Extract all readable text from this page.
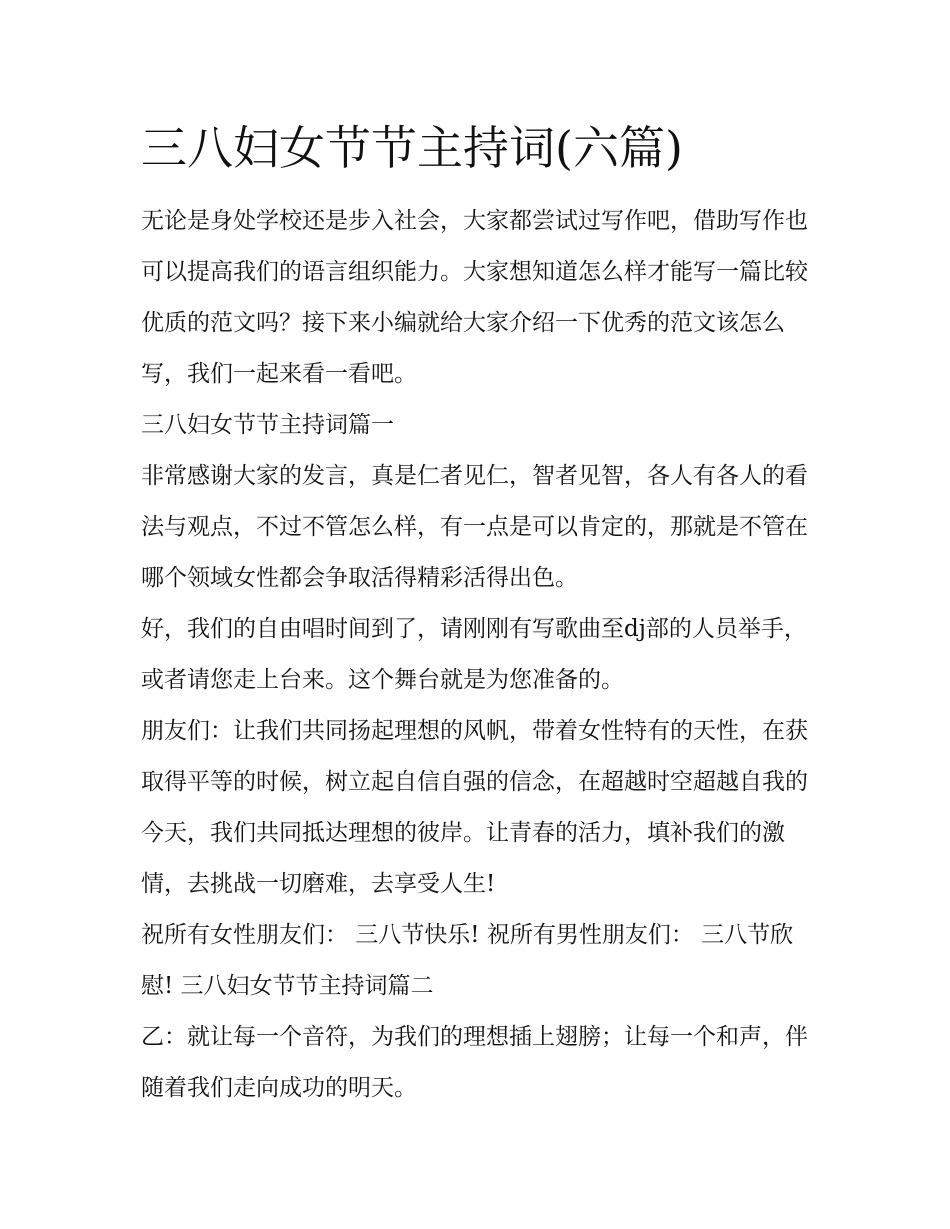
三八妇女节节主持词(六篇)

无论是身处学校还是步入社会，大家都尝试过写作吧，借助写作也可以提高我们的语言组织能力。大家想知道怎么样才能写一篇比较优质的范文吗？接下来小编就给大家介绍一下优秀的范文该怎么写，我们一起来看一看吧。

三八妇女节节主持词篇一

非常感谢大家的发言，真是仁者见仁，智者见智，各人有各人的看法与观点，不过不管怎么样，有一点是可以肯定的，那就是不管在哪个领域女性都会争取活得精彩活得出色。

好，我们的自由唱时间到了，请刚刚有写歌曲至dj部的人员举手，或者请您走上台来。这个舞台就是为您准备的。

朋友们：让我们共同扬起理想的风帆，带着女性特有的天性，在获取得平等的时候，树立起自信自强的信念，在超越时空超越自我的今天，我们共同抵达理想的彼岸。让青春的活力，填补我们的激情，去挑战一切磨难，去享受人生!

祝所有女性朋友们： 三八节快乐! 祝所有男性朋友们： 三八节欣慰! 三八妇女节节主持词篇二

乙：就让每一个音符，为我们的理想插上翅膀；让每一个和声，伴随着我们走向成功的明天。
